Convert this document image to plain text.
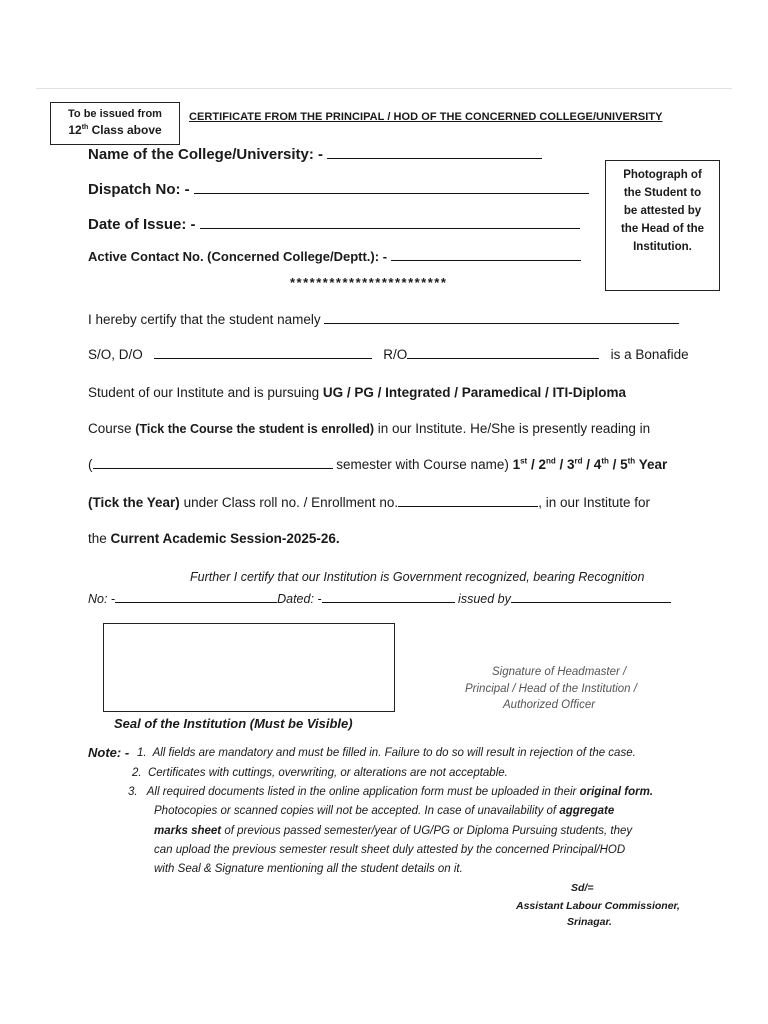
To be issued from
12th Class above
CERTIFICATE FROM THE PRINCIPAL / HOD OF THE CONCERNED COLLEGE/UNIVERSITY
Photograph of
the Student to
be attested by
the Head of the
Institution.
Name of the College/University: -
Dispatch No: -
Date of Issue: -
Active Contact No. (Concerned College/Deptt.): -
************************
I hereby certify that the student namely
S/O, D/O	R/O	is a Bonafide
Student of our Institute and is pursuing UG / PG / Integrated / Paramedical / ITI-Diploma
Course (Tick the Course the student is enrolled) in our Institute. He/She is presently reading in
(	semester with Course name) 1st / 2nd / 3rd / 4th / 5th Year
(Tick the Year) under Class roll no. / Enrollment no.	, in our Institute for
the Current Academic Session-2025-26.
Further I certify that our Institution is Government recognized, bearing Recognition
No: -	Dated: -	issued by
Seal of the Institution (Must be Visible)
Signature of Headmaster /
Principal / Head of the Institution /
Authorized Officer
Note: - 1. All fields are mandatory and must be filled in. Failure to do so will result in rejection of the case.
2. Certificates with cuttings, overwriting, or alterations are not acceptable.
3. All required documents listed in the online application form must be uploaded in their original form.
Photocopies or scanned copies will not be accepted. In case of unavailability of aggregate
marks sheet of previous passed semester/year of UG/PG or Diploma Pursuing students, they
can upload the previous semester result sheet duly attested by the concerned Principal/HOD
with Seal & Signature mentioning all the student details on it.
Sd/=
Assistant Labour Commissioner,
Srinagar.
